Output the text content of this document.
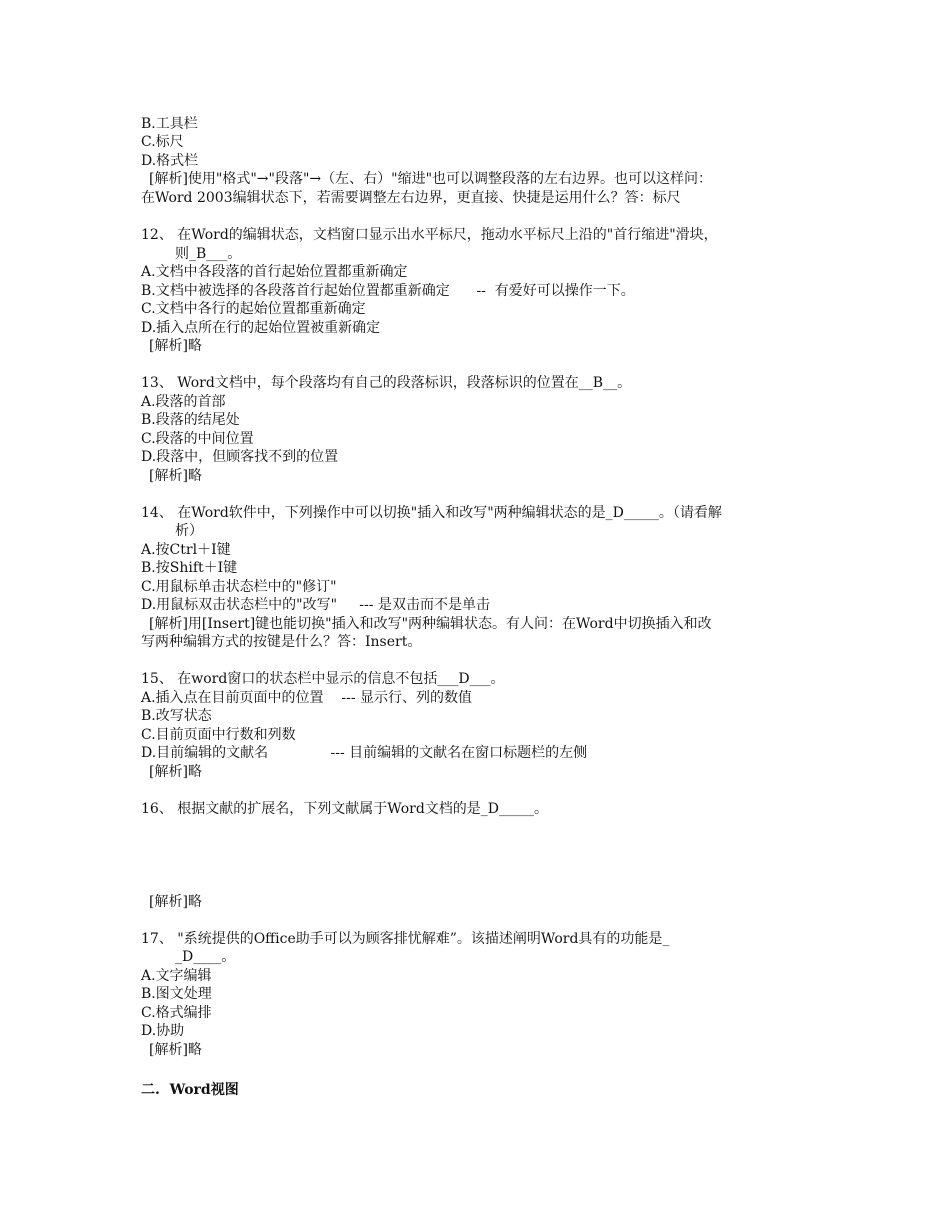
B.工具栏
C.标尺
D.格式栏
[解析]使用"格式"→"段落"→（左、右）"缩进"也可以调整段落的左右边界。也可以这样问：
在Word 2003编辑状态下，若需要调整左右边界，更直接、快捷是运用什么？答：标尺
12、 在Word的编辑状态，文档窗口显示出水平标尺，拖动水平标尺上沿的"首行缩进"滑块，
则_B___。
A.文档中各段落的首行起始位置都重新确定
B.文档中被选择的各段落首行起始位置都重新确定      --  有爱好可以操作一下。
C.文档中各行的起始位置都重新确定
D.插入点所在行的起始位置被重新确定
[解析]略
13、 Word文档中，每个段落均有自己的段落标识，段落标识的位置在__B__。
A.段落的首部
B.段落的结尾处
C.段落的中间位置
D.段落中，但顾客找不到的位置
[解析]略
14、 在Word软件中，下列操作中可以切换"插入和改写"两种编辑状态的是_D_____。（请看解
析）
A.按Ctrl＋I键
B.按Shift＋I键
C.用鼠标单击状态栏中的"修订"
D.用鼠标双击状态栏中的"改写"     --- 是双击而不是单击
[解析]用[Insert]键也能切换"插入和改写"两种编辑状态。有人问：在Word中切换插入和改
写两种编辑方式的按键是什么？答：Insert。
15、 在word窗口的状态栏中显示的信息不包括___D___。
A.插入点在目前页面中的位置    --- 显示行、列的数值
B.改写状态
C.目前页面中行数和列数
D.目前编辑的文献名              --- 目前编辑的文献名在窗口标题栏的左侧
[解析]略
16、 根据文献的扩展名，下列文献属于Word文档的是_D_____。
[解析]略
17、 "系统提供的Office助手可以为顾客排忧解难”。该描述阐明Word具有的功能是_
_D____。
A.文字编辑
B.图文处理
C.格式编排
D.协助
[解析]略
二.  Word视图
